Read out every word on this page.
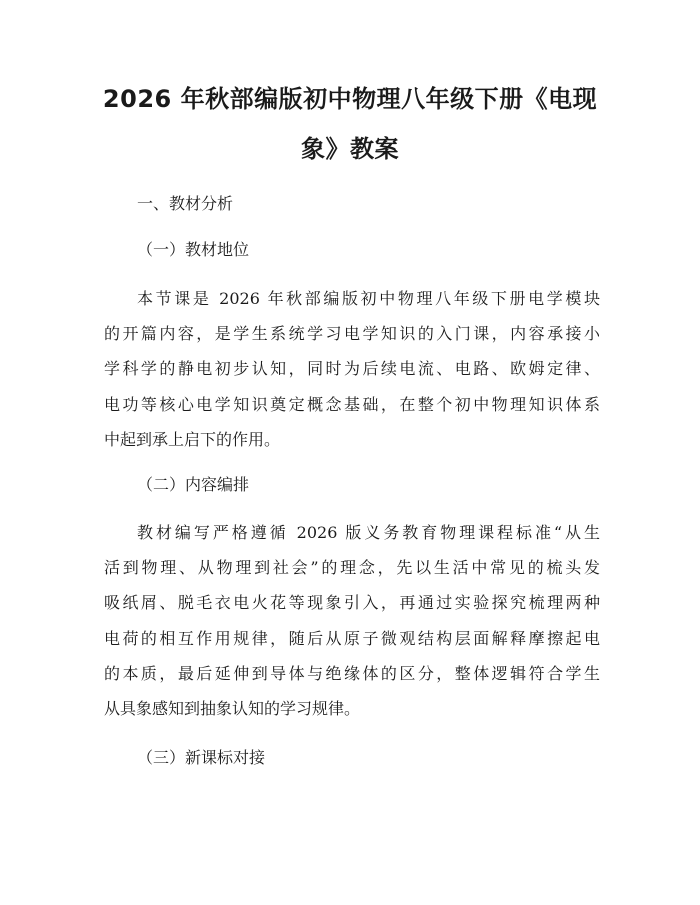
2026 年秋部编版初中物理八年级下册《电现
象》教案

一、教材分析

（一）教材地位

本节课是 2026 年秋部编版初中物理八年级下册电学模块
的开篇内容，是学生系统学习电学知识的入门课，内容承接小
学科学的静电初步认知，同时为后续电流、电路、欧姆定律、
电功等核心电学知识奠定概念基础，在整个初中物理知识体系
中起到承上启下的作用。

（二）内容编排

教材编写严格遵循 2026 版义务教育物理课程标准“从生
活到物理、从物理到社会”的理念，先以生活中常见的梳头发
吸纸屑、脱毛衣电火花等现象引入，再通过实验探究梳理两种
电荷的相互作用规律，随后从原子微观结构层面解释摩擦起电
的本质，最后延伸到导体与绝缘体的区分，整体逻辑符合学生
从具象感知到抽象认知的学习规律。

（三）新课标对接
